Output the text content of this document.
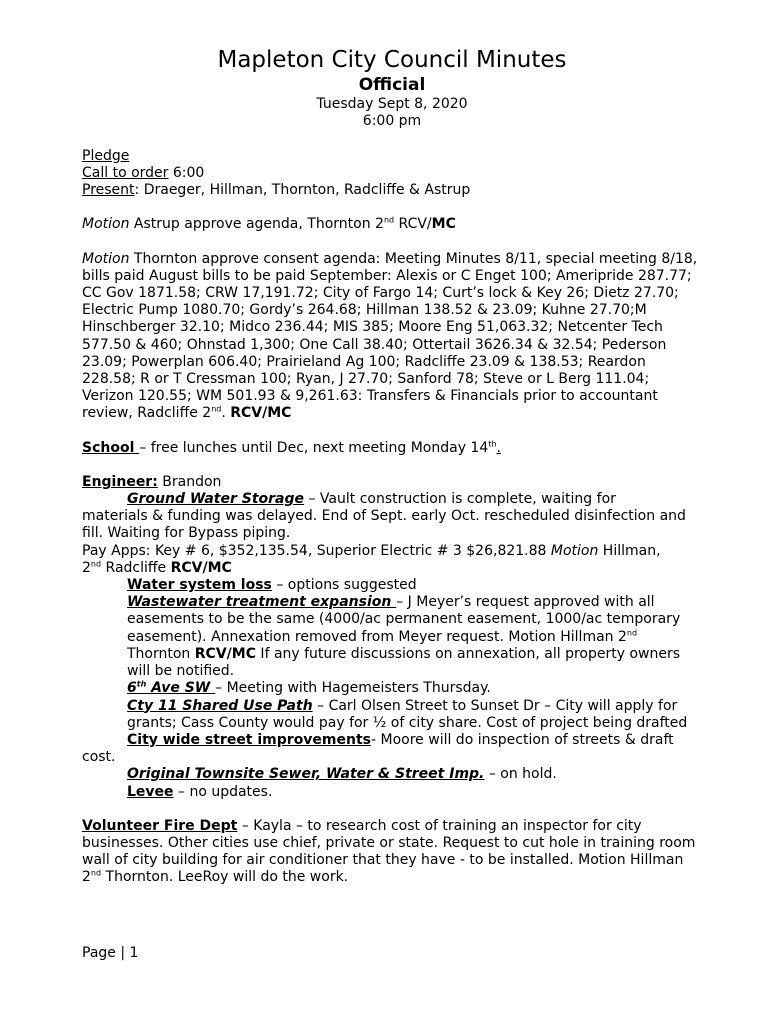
Mapleton City Council Minutes
Official
Tuesday Sept 8, 2020
6:00 pm

Pledge

Call to order 6:00

Present: Draeger, Hillman, Thornton, Radcliffe & Astrup

Motion Astrup approve agenda, Thornton 2nd RCV/MC

Motion Thornton approve consent agenda: Meeting Minutes 8/11, special meeting 8/18, bills paid August bills to be paid September: Alexis or C Enget 100; Ameripride 287.77; CC Gov 1871.58; CRW 17,191.72; City of Fargo 14; Curt’s lock & Key 26; Dietz 27.70; Electric Pump 1080.70; Gordy’s 264.68; Hillman 138.52 & 23.09; Kuhne 27.70;M Hinschberger 32.10; Midco 236.44; MIS 385; Moore Eng 51,063.32; Netcenter Tech 577.50 & 460; Ohnstad 1,300; One Call 38.40; Ottertail 3626.34 & 32.54; Pederson 23.09; Powerplan 606.40; Prairieland Ag 100; Radcliffe 23.09 & 138.53; Reardon 228.58; R or T Cressman 100; Ryan, J 27.70; Sanford 78; Steve or L Berg 111.04; Verizon 120.55; WM 501.93 & 9,261.63: Transfers & Financials prior to accountant review, Radcliffe 2nd. RCV/MC

School – free lunches until Dec, next meeting Monday 14th.

Engineer: Brandon

Ground Water Storage – Vault construction is complete, waiting for

materials & funding was delayed. End of Sept. early Oct. rescheduled disinfection and fill. Waiting for Bypass piping.

Pay Apps: Key # 6, $352,135.54, Superior Electric # 3 $26,821.88 Motion Hillman,
2nd Radcliffe RCV/MC

Water system loss – options suggested

Wastewater treatment expansion – J Meyer’s request approved with all easements to be the same (4000/ac permanent easement, 1000/ac temporary easement). Annexation removed from Meyer request. Motion Hillman 2nd Thornton RCV/MC If any future discussions on annexation, all property owners will be notified.

6th Ave SW – Meeting with Hagemeisters Thursday.

Cty 11 Shared Use Path – Carl Olsen Street to Sunset Dr – City will apply for grants; Cass County would pay for ½ of city share. Cost of project being drafted

City wide street improvements- Moore will do inspection of streets & draft

cost.

Original Townsite Sewer, Water & Street Imp. – on hold.

Levee – no updates.

Volunteer Fire Dept – Kayla – to research cost of training an inspector for city businesses. Other cities use chief, private or state. Request to cut hole in training room wall of city building for air conditioner that they have - to be installed. Motion Hillman 2nd Thornton. LeeRoy will do the work.

Page | 1
